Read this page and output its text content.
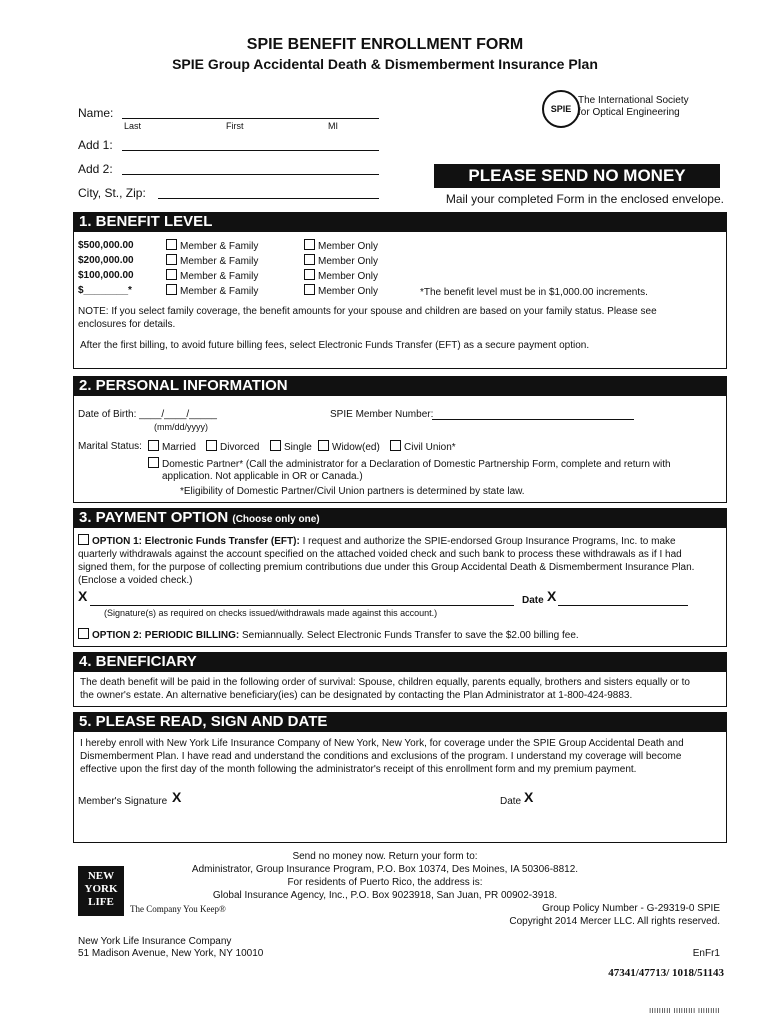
SPIE BENEFIT ENROLLMENT FORM
SPIE Group Accidental Death & Dismemberment Insurance Plan
SPIE
The International Society
for Optical Engineering
Name:
Last	First	MI
Add 1:
Add 2:
City, St., Zip:
PLEASE SEND NO MONEY
Mail your completed Form in the enclosed envelope.
1. BENEFIT LEVEL
$500,000.00	Member & Family	Member Only
$200,000.00	Member & Family	Member Only
$100,000.00	Member & Family	Member Only
$________*	Member & Family	Member Only	*The benefit level must be in $1,000.00 increments.
NOTE: If you select family coverage, the benefit amounts for your spouse and children are based on your family status. Please see
enclosures for details.
After the first billing, to avoid future billing fees, select Electronic Funds Transfer (EFT) as a secure payment option.
2. PERSONAL INFORMATION
Date of Birth: ____/____/_____
(mm/dd/yyyy)
SPIE Member Number:
Marital Status:	Married	Divorced	Single	Widow(ed)	Civil Union*
Domestic Partner* (Call the administrator for a Declaration of Domestic Partnership Form, complete and return with
application. Not applicable in OR or Canada.)
*Eligibility of Domestic Partner/Civil Union partners is determined by state law.
3. PAYMENT OPTION (Choose only one)
OPTION 1: Electronic Funds Transfer (EFT): I request and authorize the SPIE-endorsed Group Insurance Programs, Inc. to make
quarterly withdrawals against the account specified on the attached voided check and such bank to process these withdrawals as if I had
signed them, for the purpose of collecting premium contributions due under this Group Accidental Death & Dismemberment Insurance Plan.
(Enclose a voided check.)
X	Date X
(Signature(s) as required on checks issued/withdrawals made against this account.)
OPTION 2: PERIODIC BILLING: Semiannually. Select Electronic Funds Transfer to save the $2.00 billing fee.
4. BENEFICIARY
The death benefit will be paid in the following order of survival: Spouse, children equally, parents equally, brothers and sisters equally or to
the owner's estate. An alternative beneficiary(ies) can be designated by contacting the Plan Administrator at 1-800-424-9883.
5. PLEASE READ, SIGN AND DATE
I hereby enroll with New York Life Insurance Company of New York, New York, for coverage under the SPIE Group Accidental Death and
Dismemberment Plan. I have read and understand the conditions and exclusions of the program. I understand my coverage will become
effective upon the first day of the month following the administrator's receipt of this enrollment form and my premium payment.
Member's Signature X	Date X
Send no money now. Return your form to:
Administrator, Group Insurance Program, P.O. Box 10374, Des Moines, IA 50306-8812.
For residents of Puerto Rico, the address is:
Global Insurance Agency, Inc., P.O. Box 9023918, San Juan, PR 00902-3918.
Group Policy Number - G-29319-0 SPIE
Copyright 2014 Mercer LLC. All rights reserved.
NEW
YORK
LIFE
The Company You Keep®
New York Life Insurance Company
51 Madison Avenue, New York, NY 10010	EnFr1
47341/47713/ 1018/51143
IIIIIIIII IIIIIIIII IIIIIIIII
